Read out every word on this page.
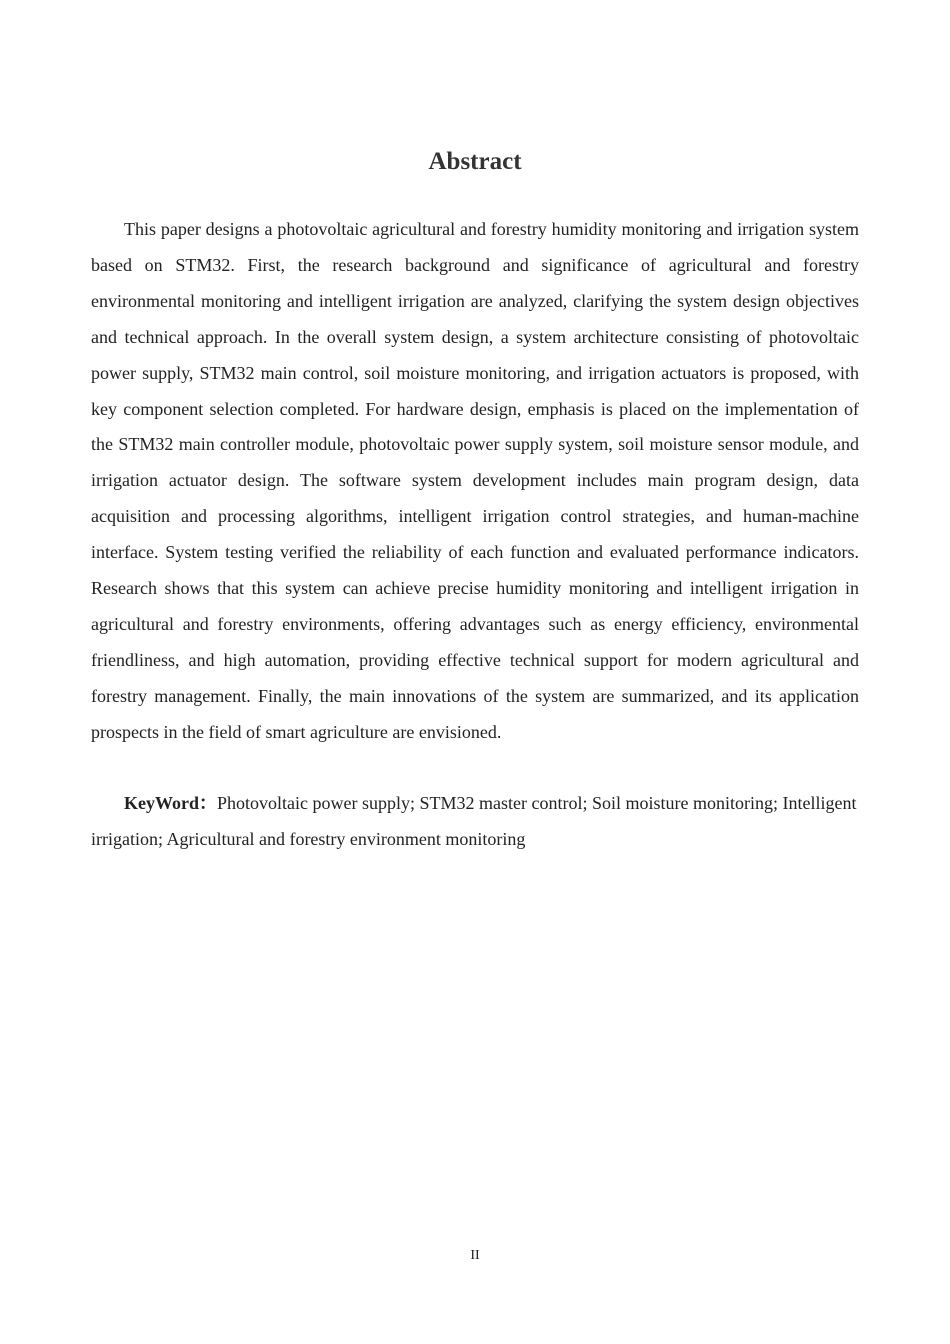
Abstract

This paper designs a photovoltaic agricultural and forestry humidity monitoring and irrigation system based on STM32. First, the research background and significance of agricultural and forestry environmental monitoring and intelligent irrigation are analyzed, clarifying the system design objectives and technical approach. In the overall system design, a system architecture consisting of photovoltaic power supply, STM32 main control, soil moisture monitoring, and irrigation actuators is proposed, with key component selection completed. For hardware design, emphasis is placed on the implementation of the STM32 main controller module, photovoltaic power supply system, soil moisture sensor module, and irrigation actuator design. The software system development includes main program design, data acquisition and processing algorithms, intelligent irrigation control strategies, and human-machine interface. System testing verified the reliability of each function and evaluated performance indicators. Research shows that this system can achieve precise humidity monitoring and intelligent irrigation in agricultural and forestry environments, offering advantages such as energy efficiency, environmental friendliness, and high automation, providing effective technical support for modern agricultural and forestry management. Finally, the main innovations of the system are summarized, and its application prospects in the field of smart agriculture are envisioned.

KeyWord：Photovoltaic power supply; STM32 master control; Soil moisture monitoring; Intelligent irrigation; Agricultural and forestry environment monitoring

II
